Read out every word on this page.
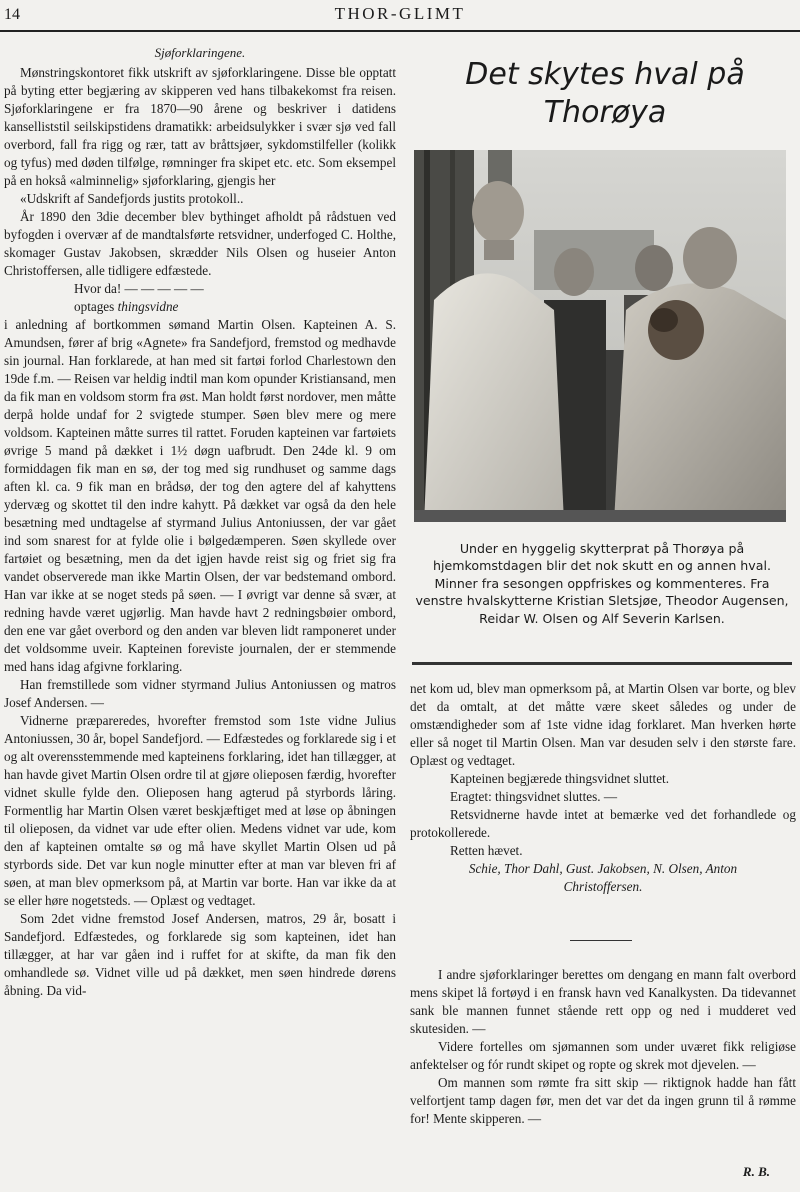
14	THOR-GLIMT

Sjøforklaringene.

Mønstringskontoret fikk utskrift av sjøforklaringene. Disse ble opptatt på byting etter begjæring av skipperen ved hans tilbakekomst fra reisen. Sjøforklaringene er fra 1870—90 årene og beskriver i datidens kanselliststil seilskipstidens dramatikk: arbeidsulykker i svær sjø ved fall overbord, fall fra rigg og rær, tatt av bråttsjøer, sykdomstilfeller (kolikk og tyfus) med døden tilfølge, rømninger fra skipet etc. etc. Som eksempel på en hokså «alminnelig» sjøforklaring, gjengis her

«Udskrift af Sandefjords justits protokoll..

År 1890 den 3die december blev bythinget afholdt på rådstuen ved byfogden i overvær af de mandtalsførte retsvidner, underfoged C. Holthe, skomager Gustav Jakobsen, skrædder Nils Olsen og huseier Anton Christoffersen, alle tidligere edfæstede.

Hvor da! — — — — —

optages thingsvidne

i anledning af bortkommen sømand Martin Olsen. Kapteinen A. S. Amundsen, fører af brig «Agnete» fra Sandefjord, fremstod og medhavde sin journal. Han forklarede, at han med sit fartøi forlod Charlestown den 19de f.m. — Reisen var heldig indtil man kom opunder Kristiansand, men da fik man en voldsom storm fra øst. Man holdt først nordover, men måtte derpå holde undaf for 2 svigtede stumper. Søen blev mere og mere voldsom. Kapteinen måtte surres til rattet. Foruden kapteinen var fartøiets øvrige 5 mand på dækket i 1½ døgn uafbrudt. Den 24de kl. 9 om formiddagen fik man en sø, der tog med sig rundhuset og samme dags aften kl. ca. 9 fik man en brådsø, der tog den agtere del af kahyttens ydervæg og skottet til den indre kahytt. På dækket var også da den hele besætning med undtagelse af styrmand Julius Antoniussen, der var gået ind som snarest for at fylde olie i bølgedæmperen. Søen skyllede over fartøiet og besætning, men da det igjen havde reist sig og friet sig fra vandet observerede man ikke Martin Olsen, der var bedstemand ombord. Han var ikke at se noget steds på søen. — I øvrigt var denne så svær, at redning havde været ugjørlig. Man havde havt 2 redningsbøier ombord, den ene var gået overbord og den anden var bleven lidt ramponeret under det voldsomme uveir. Kapteinen foreviste journalen, der er stemmende med hans idag afgivne forklaring.

Han fremstillede som vidner styrmand Julius Antoniussen og matros Josef Andersen. —

Vidnerne præpareredes, hvorefter fremstod som 1ste vidne Julius Antoniussen, 30 år, bopel Sandefjord. — Edfæstedes og forklarede sig i et og alt overensstemmende med kapteinens forklaring, idet han tillægger, at han havde givet Martin Olsen ordre til at gjøre olieposen færdig, hvorefter vidnet skulle fylde den. Olieposen hang agterud på styrbords låring. Formentlig har Martin Olsen været beskjæftiget med at løse op åbningen til olieposen, da vidnet var ude efter olien. Medens vidnet var ude, kom den af kapteinen omtalte sø og må have skyllet Martin Olsen ud på styrbords side. Det var kun nogle minutter efter at man var bleven fri af søen, at man blev opmerksom på, at Martin var borte. Han var ikke da at se eller høre nogetsteds. — Oplæst og vedtaget.

Som 2det vidne fremstod Josef Andersen, matros, 29 år, bosatt i Sandefjord. Edfæstedes, og forklarede sig som kapteinen, idet han tillægger, at har var gåen ind i ruffet for at skifte, da man fik den omhandlede sø. Vidnet ville ud på dækket, men søen hindrede dørens åbning. Da vid-

Det skytes hval på
Thorøya
Under en hyggelig skytterprat på Thorøya på hjemkomstdagen blir det nok skutt en og annen hval. Minner fra sesongen oppfriskes og kommenteres. Fra venstre hvalskytterne Kristian Sletsjøe, Theodor Augensen, Reidar W. Olsen og Alf Severin Karlsen.

net kom ud, blev man opmerksom på, at Martin Olsen var borte, og blev det da omtalt, at det måtte være skeet således og under de omstændigheder som af 1ste vidne idag forklaret. Man hverken hørte eller så noget til Martin Olsen. Man var desuden selv i den største fare. Oplæst og vedtaget.

Kapteinen begjærede thingsvidnet sluttet.

Eragtet: thingsvidnet sluttes. —

Retsvidnerne havde intet at bemærke ved det forhandlede og protokollerede.

Retten hævet.

Schie, Thor Dahl, Gust. Jakobsen, N. Olsen, Anton
Christoffersen.

I andre sjøforklaringer berettes om dengang en mann falt overbord mens skipet lå fortøyd i en fransk havn ved Kanalkysten. Da tidevannet sank ble mannen funnet stående rett opp og ned i mudderet ved skutesiden. —

Videre fortelles om sjømannen som under uværet fikk religiøse anfektelser og fór rundt skipet og ropte og skrek mot djevelen. —

Om mannen som rømte fra sitt skip — riktignok hadde han fått velfortjent tamp dagen før, men det var det da ingen grunn til å rømme for! Mente skipperen. —

R. B.
